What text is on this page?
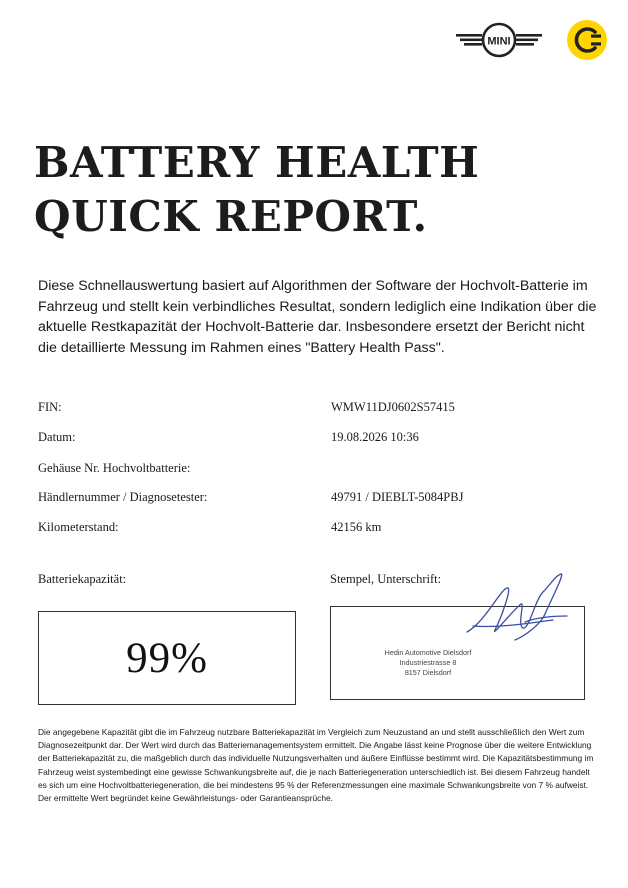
MINI
BATTERY HEALTH
QUICK REPORT.

Diese Schnellauswertung basiert auf Algorithmen der Software der Hochvolt-Batterie im Fahrzeug und stellt kein verbindliches Resultat, sondern lediglich eine Indikation über die aktuelle Restkapazität der Hochvolt-Batterie dar. Insbesondere ersetzt der Bericht nicht die detaillierte Messung im Rahmen eines "Battery Health Pass".

FIN:	WMW11DJ0602S57415
Datum:	19.08.2026 10:36
Gehäuse Nr. Hochvoltbatterie:
Händlernummer / Diagnosetester:	49791 / DIEBLT-5084PBJ
Kilometerstand:	42156 km
Batteriekapazität:	Stempel, Unterschrift:
99%	Hedin Automotive Dielsdorf
Industriestrasse 8
8157 Dielsdorf

Die angegebene Kapazität gibt die im Fahrzeug nutzbare Batteriekapazität im Vergleich zum Neuzustand an und stellt ausschließlich den Wert zum Diagnosezeitpunkt dar. Der Wert wird durch das Batteriemanagementsystem ermittelt. Die Angabe lässt keine Prognose über die weitere Entwicklung der Batteriekapazität zu, die maßgeblich durch das individuelle Nutzungsverhalten und äußere Einflüsse bestimmt wird. Die Kapazitätsbestimmung im Fahrzeug weist systembedingt eine gewisse Schwankungsbreite auf, die je nach Batteriegeneration unterschiedlich ist. Bei diesem Fahrzeug handelt es sich um eine Hochvoltbatteriegeneration, die bei mindestens 95 % der Referenzmessungen eine maximale Schwankungsbreite von 7 % aufweist. Der ermittelte Wert begründet keine Gewährleistungs- oder Garantieansprüche.
